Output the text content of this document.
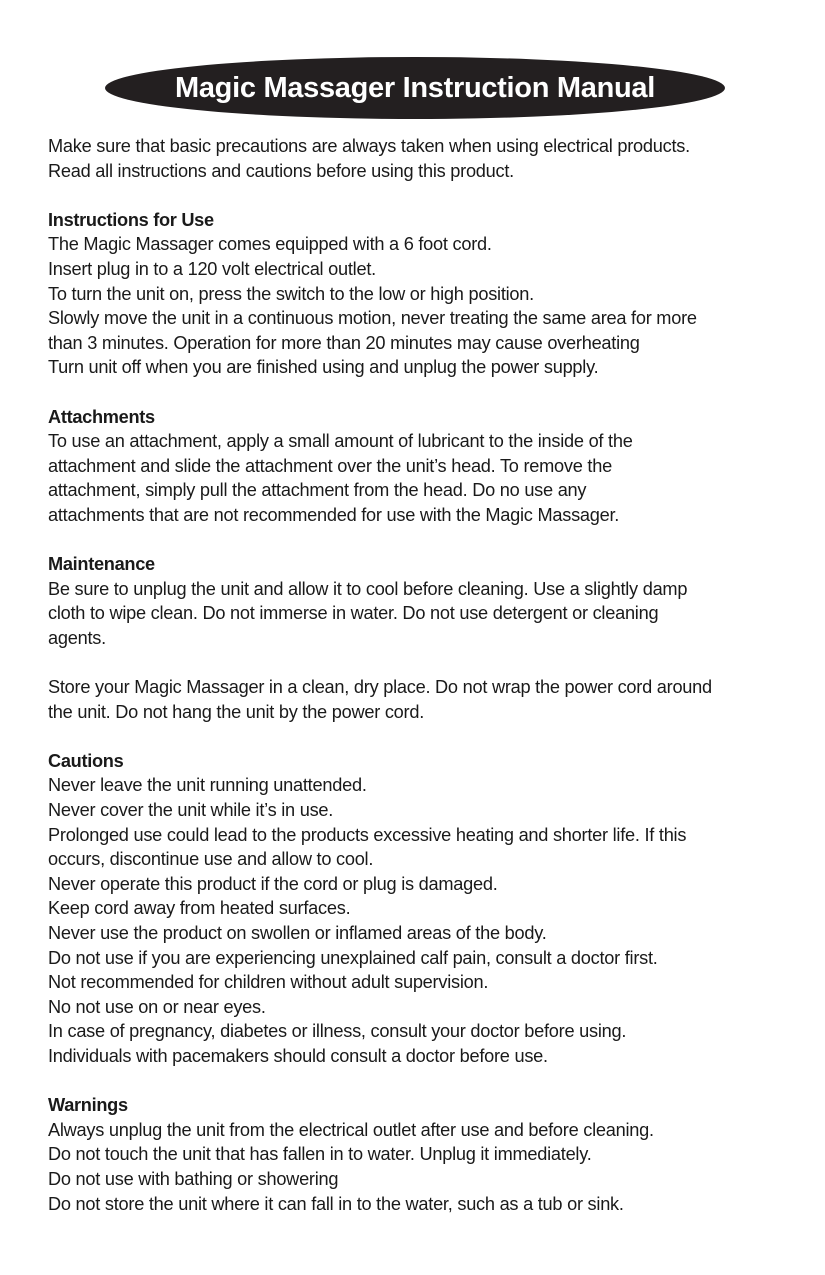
Magic Massager Instruction Manual

Make sure that basic precautions are always taken when using electrical products.

Read all instructions and cautions before using this product.

Instructions for Use

The Magic Massager comes equipped with a 6 foot cord.

Insert plug in to a 120 volt electrical outlet.

To turn the unit on, press the switch to the low or high position.

Slowly move the unit in a continuous motion, never treating the same area for more

than 3 minutes. Operation for more than 20 minutes may cause overheating

Turn unit off when you are finished using and unplug the power supply.

Attachments

To use an attachment, apply a small amount of lubricant to the inside of the

attachment and slide the attachment over the unit’s head. To remove the

attachment, simply pull the attachment from the head. Do no use any

attachments that are not recommended for use with the Magic Massager.

Maintenance

Be sure to unplug the unit and allow it to cool before cleaning. Use a slightly damp

cloth to wipe clean. Do not immerse in water. Do not use detergent or cleaning

agents.

Store your Magic Massager in a clean, dry place. Do not wrap the power cord around

the unit. Do not hang the unit by the power cord.

Cautions

Never leave the unit running unattended.

Never cover the unit while it’s in use.

Prolonged use could lead to the products excessive heating and shorter life. If this

occurs, discontinue use and allow to cool.

Never operate this product if the cord or plug is damaged.

Keep cord away from heated surfaces.

Never use the product on swollen or inflamed areas of the body.

Do not use if you are experiencing unexplained calf pain, consult a doctor first.

Not recommended for children without adult supervision.

No not use on or near eyes.

In case of pregnancy, diabetes or illness, consult your doctor before using.

Individuals with pacemakers should consult a doctor before use.

Warnings

Always unplug the unit from the electrical outlet after use and before cleaning.

Do not touch the unit that has fallen in to water. Unplug it immediately.

Do not use with bathing or showering

Do not store the unit where it can fall in to the water, such as a tub or sink.
